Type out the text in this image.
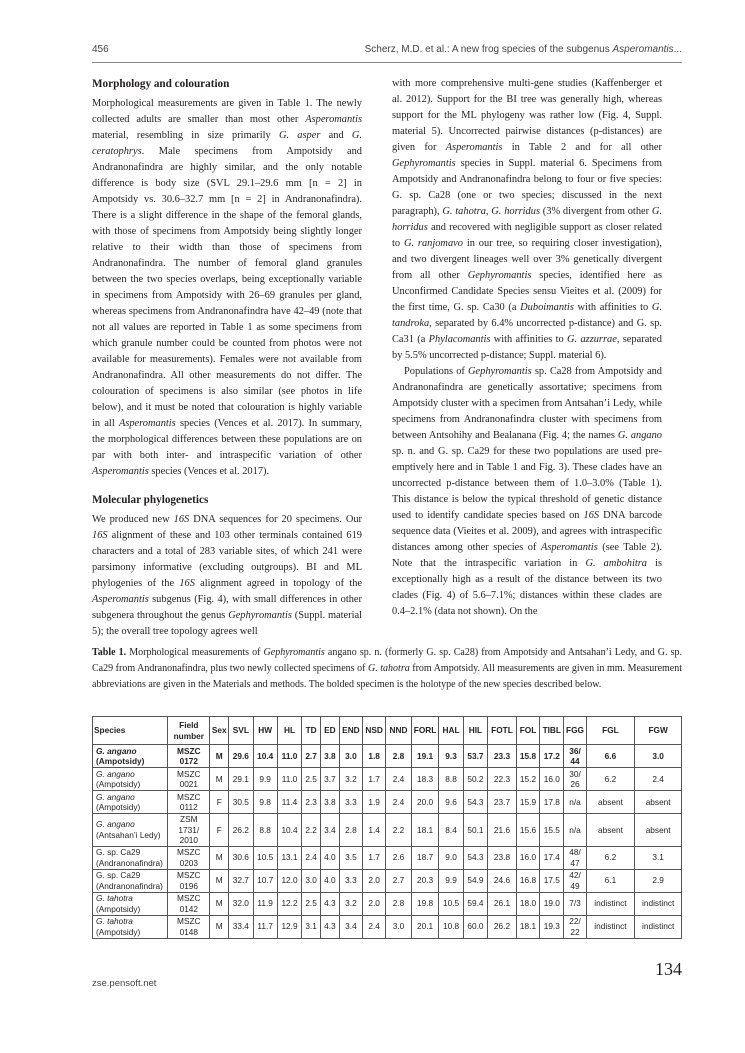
456	Scherz, M.D. et al.: A new frog species of the subgenus Asperomantis...
Morphology and colouration

Morphological measurements are given in Table 1. The newly collected adults are smaller than most other Asperomantis material, resembling in size primarily G. asper and G. ceratophrys. Male specimens from Ampotsidy and Andranonafindra are highly similar, and the only notable difference is body size (SVL 29.1–29.6 mm [n = 2] in Ampotsidy vs. 30.6–32.7 mm [n = 2] in Andranonafindra). There is a slight difference in the shape of the femoral glands, with those of specimens from Ampotsidy being slightly longer relative to their width than those of specimens from Andranonafindra. The number of femoral gland granules between the two species overlaps, being exceptionally variable in specimens from Ampotsidy with 26–69 granules per gland, whereas specimens from Andranonafindra have 42–49 (note that not all values are reported in Table 1 as some specimens from which granule number could be counted from photos were not available for measurements). Females were not available from Andranonafindra. All other measurements do not differ. The colouration of specimens is also similar (see photos in life below), and it must be noted that colouration is highly variable in all Asperomantis species (Vences et al. 2017). In summary, the morphological differences between these populations are on par with both inter- and intraspecific variation of other Asperomantis species (Vences et al. 2017).

Molecular phylogenetics

We produced new 16S DNA sequences for 20 specimens. Our 16S alignment of these and 103 other terminals contained 619 characters and a total of 283 variable sites, of which 241 were parsimony informative (excluding outgroups). BI and ML phylogenies of the 16S alignment agreed in topology of the Asperomantis subgenus (Fig. 4), with small differences in other subgenera throughout the genus Gephyromantis (Suppl. material 5); the overall tree topology agrees well

with more comprehensive multi-gene studies (Kaffenberger et al. 2012). Support for the BI tree was generally high, whereas support for the ML phylogeny was rather low (Fig. 4, Suppl. material 5). Uncorrected pairwise distances (p-distances) are given for Asperomantis in Table 2 and for all other Gephyromantis species in Suppl. material 6. Specimens from Ampotsidy and Andranonafindra belong to four or five species: G. sp. Ca28 (one or two species; discussed in the next paragraph), G. tahotra, G. horridus (3% divergent from other G. horridus and recovered with negligible support as closer related to G. ranjomavo in our tree, so requiring closer investigation), and two divergent lineages well over 3% genetically divergent from all other Gephyromantis species, identified here as Unconfirmed Candidate Species sensu Vieites et al. (2009) for the first time, G. sp. Ca30 (a Duboimantis with affinities to G. tandroka, separated by 6.4% uncorrected p-distance) and G. sp. Ca31 (a Phylacomantis with affinities to G. azzurrae, separated by 5.5% uncorrected p-distance; Suppl. material 6).

Populations of Gephyromantis sp. Ca28 from Ampotsidy and Andranonafindra are genetically assortative; specimens from Ampotsidy cluster with a specimen from Antsahan’i Ledy, while specimens from Andranonafindra cluster with specimens from between Antsohihy and Bealanana (Fig. 4; the names G. angano sp. n. and G. sp. Ca29 for these two populations are used pre-emptively here and in Table 1 and Fig. 3). These clades have an uncorrected p-distance between them of 1.0–3.0% (Table 1). This distance is below the typical threshold of genetic distance used to identify candidate species based on 16S DNA barcode sequence data (Vieites et al. 2009), and agrees with intraspecific distances among other species of Asperomantis (see Table 2). Note that the intraspecific variation in G. ambohitra is exceptionally high as a result of the distance between its two clades (Fig. 4) of 5.6–7.1%; distances within these clades are 0.4–2.1% (data not shown). On the

Table 1. Morphological measurements of Gephyromantis angano sp. n. (formerly G. sp. Ca28) from Ampotsidy and Antsahan’i Ledy, and G. sp. Ca29 from Andranonafindra, plus two newly collected specimens of G. tahotra from Ampotsidy. All measurements are given in mm. Measurement abbreviations are given in the Materials and methods. The bolded specimen is the holotype of the new species described below.
Species	Field number	Sex	SVL	HW	HL	TD	ED	END	NSD	NND	FORL	HAL	HIL	FOTL	FOL	TIBL	FGG	FGL	FGW
G. angano
(Ampotsidy)	MSZC 0172	M	29.6	10.4	11.0	2.7	3.8	3.0	1.8	2.8	19.1	9.3	53.7	23.3	15.8	17.2	36/ 44	6.6	3.0
G. angano
(Ampotsidy)	MSZC 0021	M	29.1	9.9	11.0	2.5	3.7	3.2	1.7	2.4	18.3	8.8	50.2	22.3	15.2	16.0	30/ 26	6.2	2.4
G. angano
(Ampotsidy)	MSZC 0112	F	30.5	9.8	11.4	2.3	3.8	3.3	1.9	2.4	20.0	9.6	54.3	23.7	15.9	17.8	n/a	absent	absent
G. angano
(Antsahan’i Ledy)	ZSM 1731/ 2010	F	26.2	8.8	10.4	2.2	3.4	2.8	1.4	2.2	18.1	8.4	50.1	21.6	15.6	15.5	n/a	absent	absent
G. sp. Ca29
(Andranonafindra)	MSZC 0203	M	30.6	10.5	13.1	2.4	4.0	3.5	1.7	2.6	18.7	9.0	54.3	23.8	16.0	17.4	48/ 47	6.2	3.1
G. sp. Ca29
(Andranonafindra)	MSZC 0196	M	32.7	10.7	12.0	3.0	4.0	3.3	2.0	2.7	20.3	9.9	54.9	24.6	16.8	17.5	42/ 49	6.1	2.9
G. tahotra
(Ampotsidy)	MSZC 0142	M	32.0	11.9	12.2	2.5	4.3	3.2	2.0	2.8	19.8	10.5	59.4	26.1	18.0	19.0	7/3	indistinct	indistinct
G. tahotra
(Ampotsidy)	MSZC 0148	M	33.4	11.7	12.9	3.1	4.3	3.4	2.4	3.0	20.1	10.8	60.0	26.2	18.1	19.3	22/ 22	indistinct	indistinct
134
zse.pensoft.net
